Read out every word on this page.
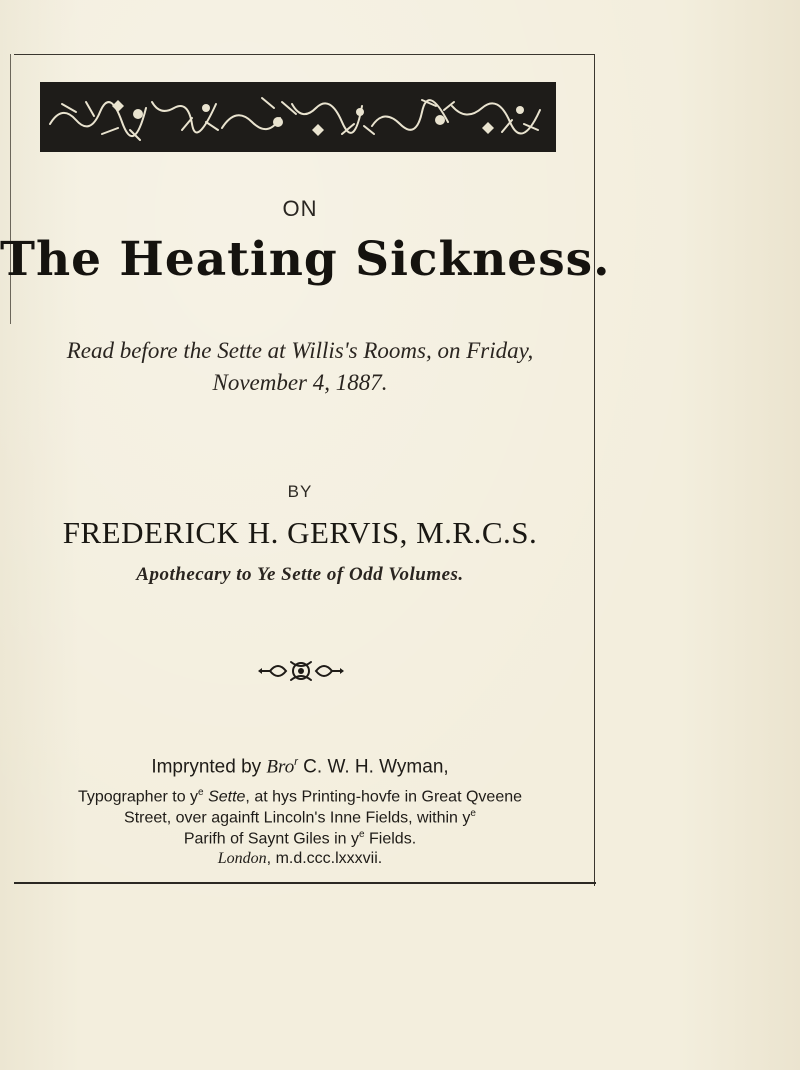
ON
The Heating Sickness.
Read before the Sette at Willis's Rooms, on Friday,
November 4, 1887.
BY
FREDERICK H. GERVIS, M.R.C.S.
Apothecary to Ye Sette of Odd Volumes.
Imprynted by Bro$^r$ C. W. H. Wyman,
Typographer to $y^e$ Sette, at hys Printing-hovfe in Great Qveene
Street, over againft Lincoln's Inne Fields, within $y^e$
Parifh of Saynt Giles in $y^e$ Fields.
London, m.d.ccc.lxxxvii.
